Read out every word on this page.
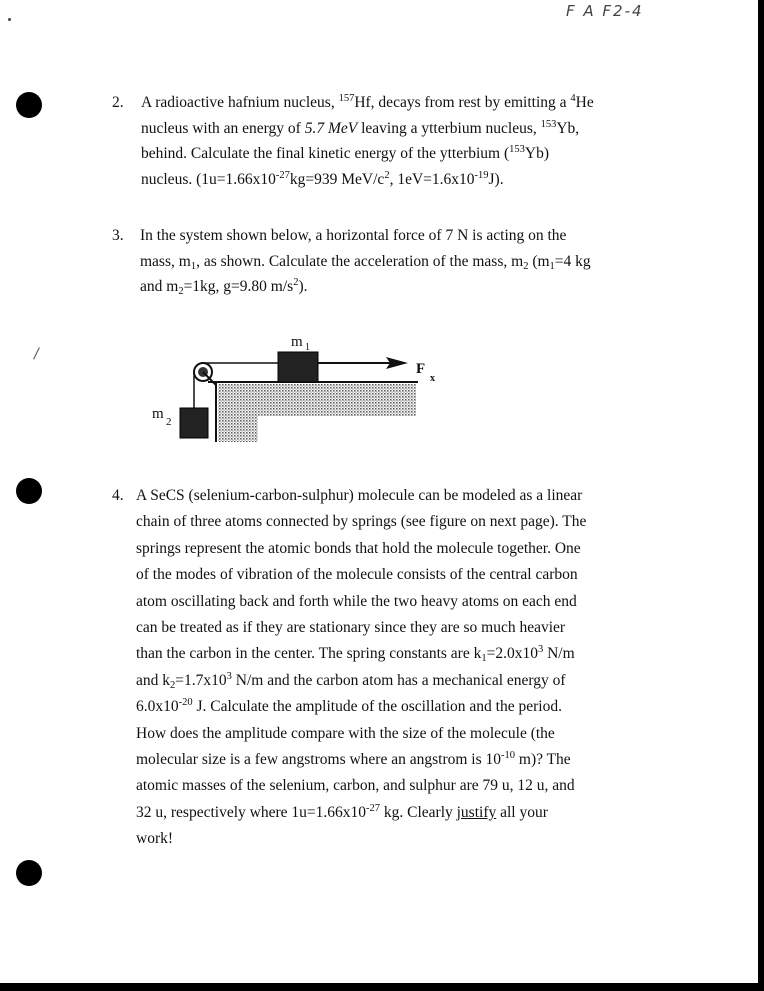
F A F2-4
/
2. A radioactive hafnium nucleus, $^{157}$Hf, decays from rest by emitting a $^4$He
nucleus with an energy of 5.7 MeV leaving a ytterbium nucleus, $^{153}$Yb,
behind. Calculate the final kinetic energy of the ytterbium ($^{153}$Yb)
nucleus. ($1u=1.66x10^{-27}kg=939$ MeV/$c^2$, $1eV=1.6x10^{-19}J$).
3. In the system shown below, a horizontal force of 7 N is acting on the
mass, $m_1$, as shown. Calculate the acceleration of the mass, $m_2$ ($m_1=4$ kg
and $m_2=1kg$, g=9.80 $m/s^2$).
m 1
m 2
F
x
4. A SeCS (selenium-carbon-sulphur) molecule can be modeled as a linear
chain of three atoms connected by springs (see figure on next page). The
springs represent the atomic bonds that hold the molecule together. One
of the modes of vibration of the molecule consists of the central carbon
atom oscillating back and forth while the two heavy atoms on each end
can be treated as if they are stationary since they are so much heavier
than the carbon in the center. The spring constants are $k_1=2.0x10^3$ N/m
and $k_2=1.7x10^3$ N/m and the carbon atom has a mechanical energy of
$6.0x10^{-20}$ J. Calculate the amplitude of the oscillation and the period.
How does the amplitude compare with the size of the molecule (the
molecular size is a few angstroms where an angstrom is $10^{-10}$ m)? The
atomic masses of the selenium, carbon, and sulphur are 79 u, 12 u, and
32 u, respectively where $1u=1.66x10^{-27}$ kg. Clearly justify all your
work!
